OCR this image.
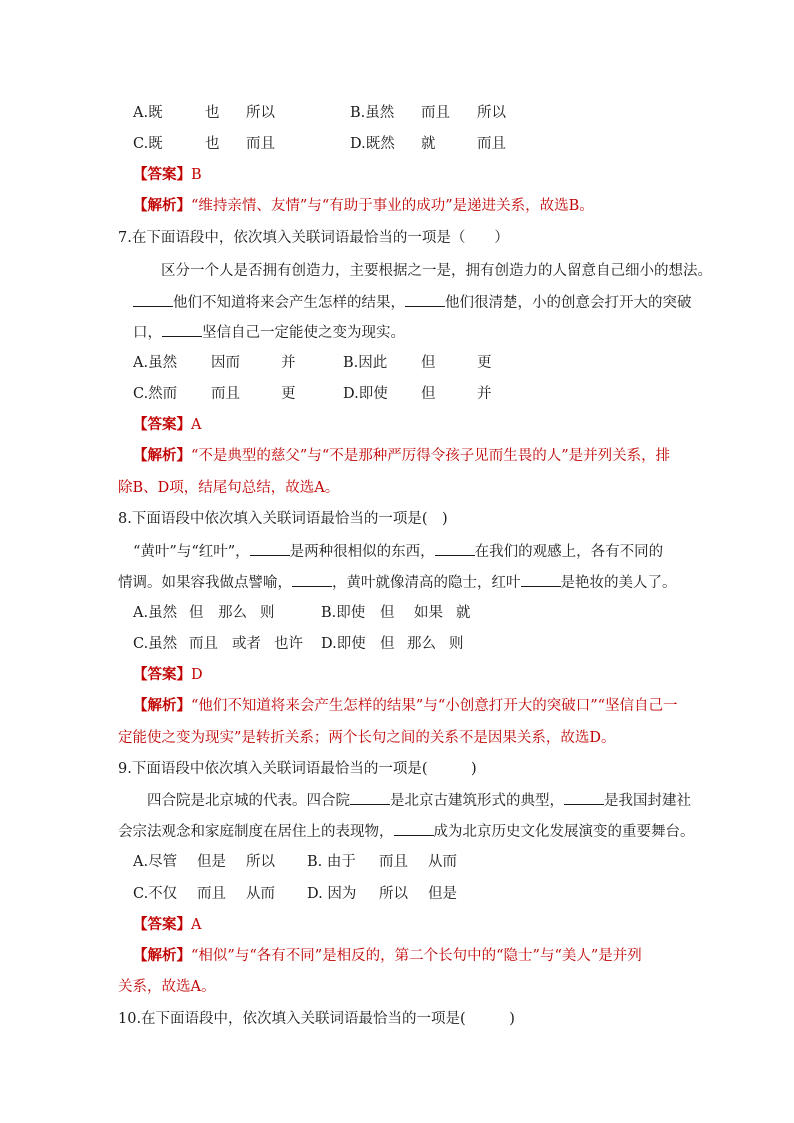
A.既	也 所以	B.虽然 而且 所以
C.既	也 而且	D.既然 就	而且
【答案】B
【解析】“维持亲情、友情”与“有助于事业的成功”是递进关系，故选B。
7.在下面语段中，依次填入关联词语最恰当的一项是（　　）
区分一个人是否拥有创造力，主要根据之一是，拥有创造力的人留意自己细小的想法。
他们不知道将来会产生怎样的结果，	他们很清楚，小的创意会打开大的突破
口，	坚信自己一定能使之变为现实。
A.虽然 因而	并	B.因此 但	更
C.然而 而且	更	D.即使 但	并
【答案】A
【解析】“不是典型的慈父”与“不是那种严厉得令孩子见而生畏的人”是并列关系，排
除B、D项，结尾句总结，故选A。
8.下面语段中依次填入关联词语最恰当的一项是(　)
“黄叶”与“红叶”，	是两种很相似的东西，	在我们的观感上，各有不同的
情调。如果容我做点譬喻，	，黄叶就像清高的隐士，红叶	是艳妆的美人了。
A.虽然 但 那么 则	B.即使 但 如果 就
C.虽然 而且 或者 也许 D.即使 但 那么 则
【答案】D
【解析】“他们不知道将来会产生怎样的结果”与“小创意打开大的突破口”“坚信自己一
定能使之变为现实”是转折关系；两个长句之间的关系不是因果关系，故选D。
9.下面语段中依次填入关联词语最恰当的一项是(　　　)
四合院是北京城的代表。四合院	是北京古建筑形式的典型，	是我国封建社
会宗法观念和家庭制度在居住上的表现物，	成为北京历史文化发展演变的重要舞台。
A.尽管 但是 所以 B. 由于 而且 从而
C.不仅 而且 从而 D. 因为 所以 但是
【答案】A
【解析】“相似”与“各有不同”是相反的，第二个长句中的“隐士”与“美人”是并列
关系，故选A。
10.在下面语段中，依次填入关联词语最恰当的一项是(　　　)
